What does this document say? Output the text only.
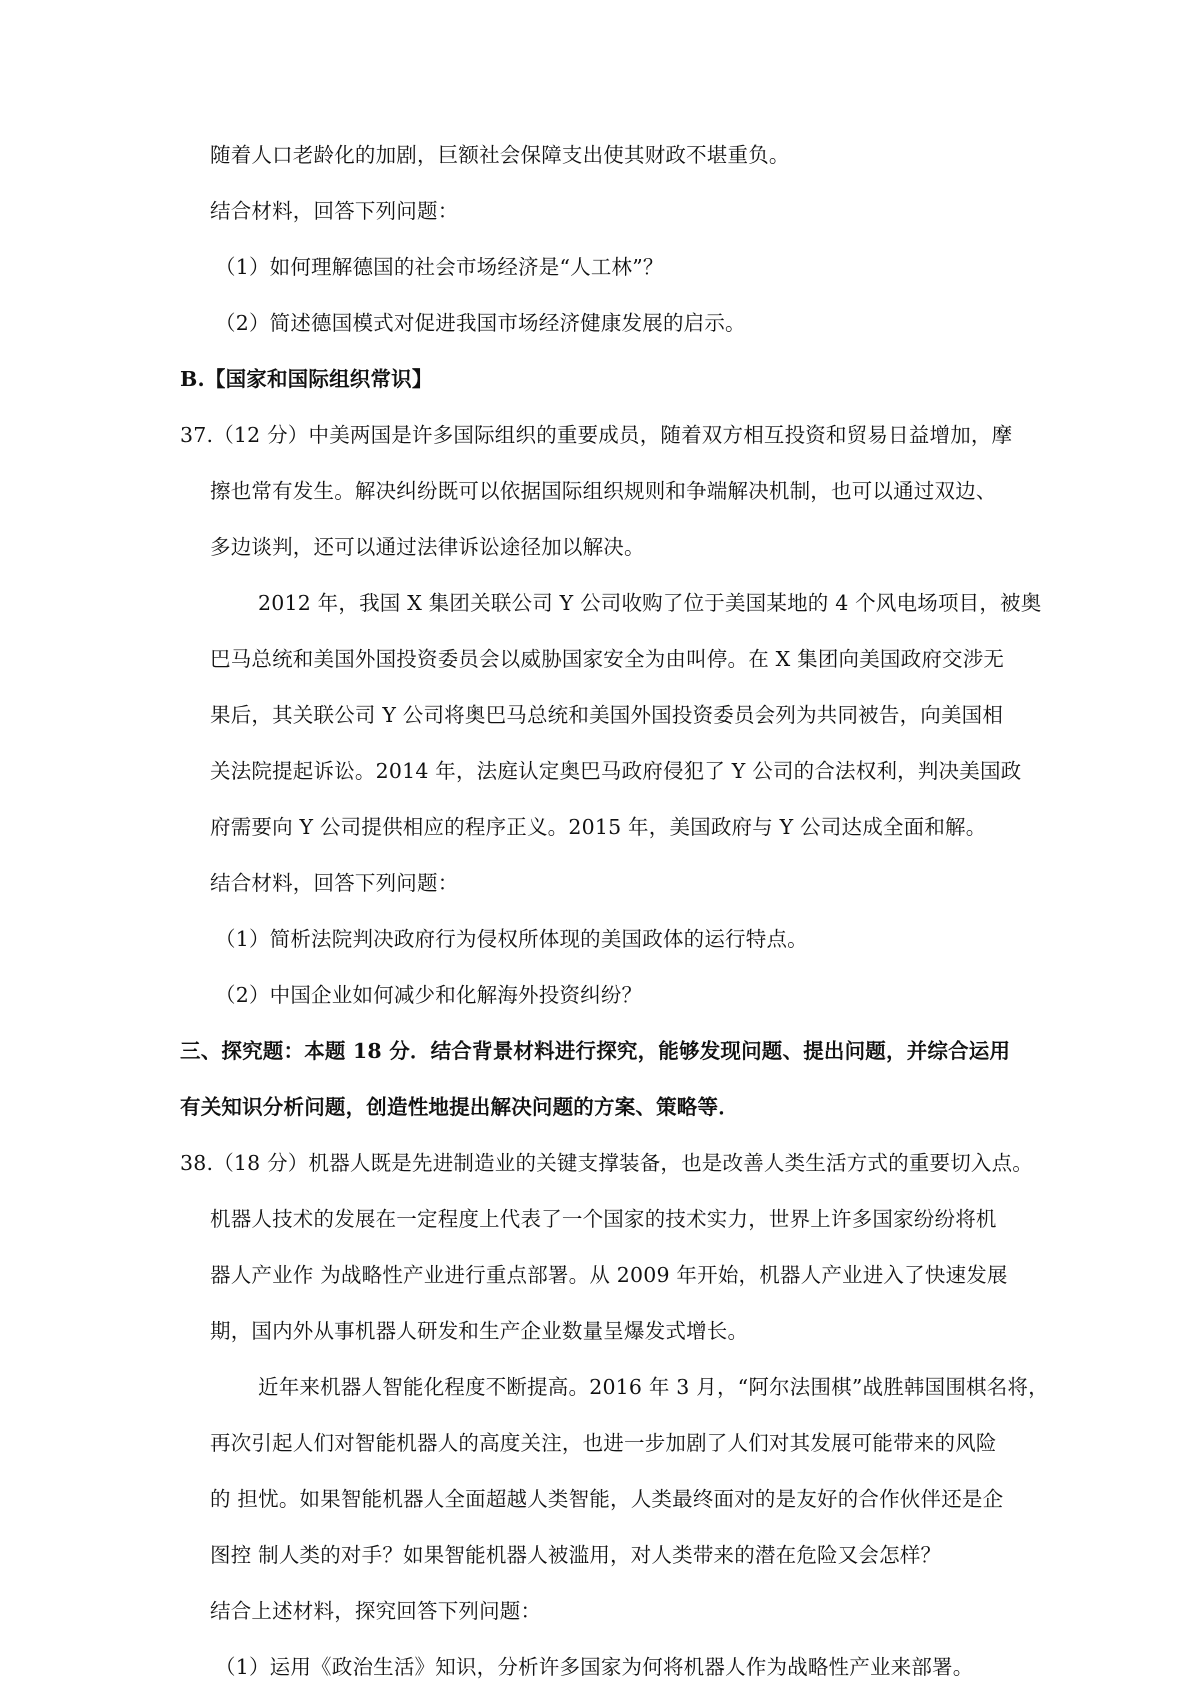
随着人口老龄化的加剧，巨额社会保障支出使其财政不堪重负。
结合材料，回答下列问题：
（1）如何理解德国的社会市场经济是“人工林”？
（2）简述德国模式对促进我国市场经济健康发展的启示。
B.【国家和国际组织常识】
37.（12 分）中美两国是许多国际组织的重要成员，随着双方相互投资和贸易日益增加，摩
擦也常有发生。解决纠纷既可以依据国际组织规则和争端解决机制，也可以通过双边、
多边谈判，还可以通过法律诉讼途径加以解决。
2012 年，我国 X 集团关联公司 Y 公司收购了位于美国某地的 4 个风电场项目，被奥
巴马总统和美国外国投资委员会以威胁国家安全为由叫停。在 X 集团向美国政府交涉无
果后，其关联公司 Y 公司将奥巴马总统和美国外国投资委员会列为共同被告，向美国相
关法院提起诉讼。2014 年，法庭认定奥巴马政府侵犯了 Y 公司的合法权利，判决美国政
府需要向 Y 公司提供相应的程序正义。2015 年，美国政府与 Y 公司达成全面和解。
结合材料，回答下列问题：
（1）简析法院判决政府行为侵权所体现的美国政体的运行特点。
（2）中国企业如何减少和化解海外投资纠纷？
三、探究题：本题 18 分．结合背景材料进行探究，能够发现问题、提出问题，并综合运用
有关知识分析问题，创造性地提出解决问题的方案、策略等．
38.（18 分）机器人既是先进制造业的关键支撑装备，也是改善人类生活方式的重要切入点。
机器人技术的发展在一定程度上代表了一个国家的技术实力，世界上许多国家纷纷将机
器人产业作 为战略性产业进行重点部署。从 2009 年开始，机器人产业进入了快速发展
期，国内外从事机器人研发和生产企业数量呈爆发式增长。
近年来机器人智能化程度不断提高。2016 年 3 月，“阿尔法围棋”战胜韩国围棋名将，
再次引起人们对智能机器人的高度关注，也进一步加剧了人们对其发展可能带来的风险
的 担忧。如果智能机器人全面超越人类智能，人类最终面对的是友好的合作伙伴还是企
图控 制人类的对手？如果智能机器人被滥用，对人类带来的潜在危险又会怎样？
结合上述材料，探究回答下列问题：
（1）运用《政治生活》知识，分析许多国家为何将机器人作为战略性产业来部署。
